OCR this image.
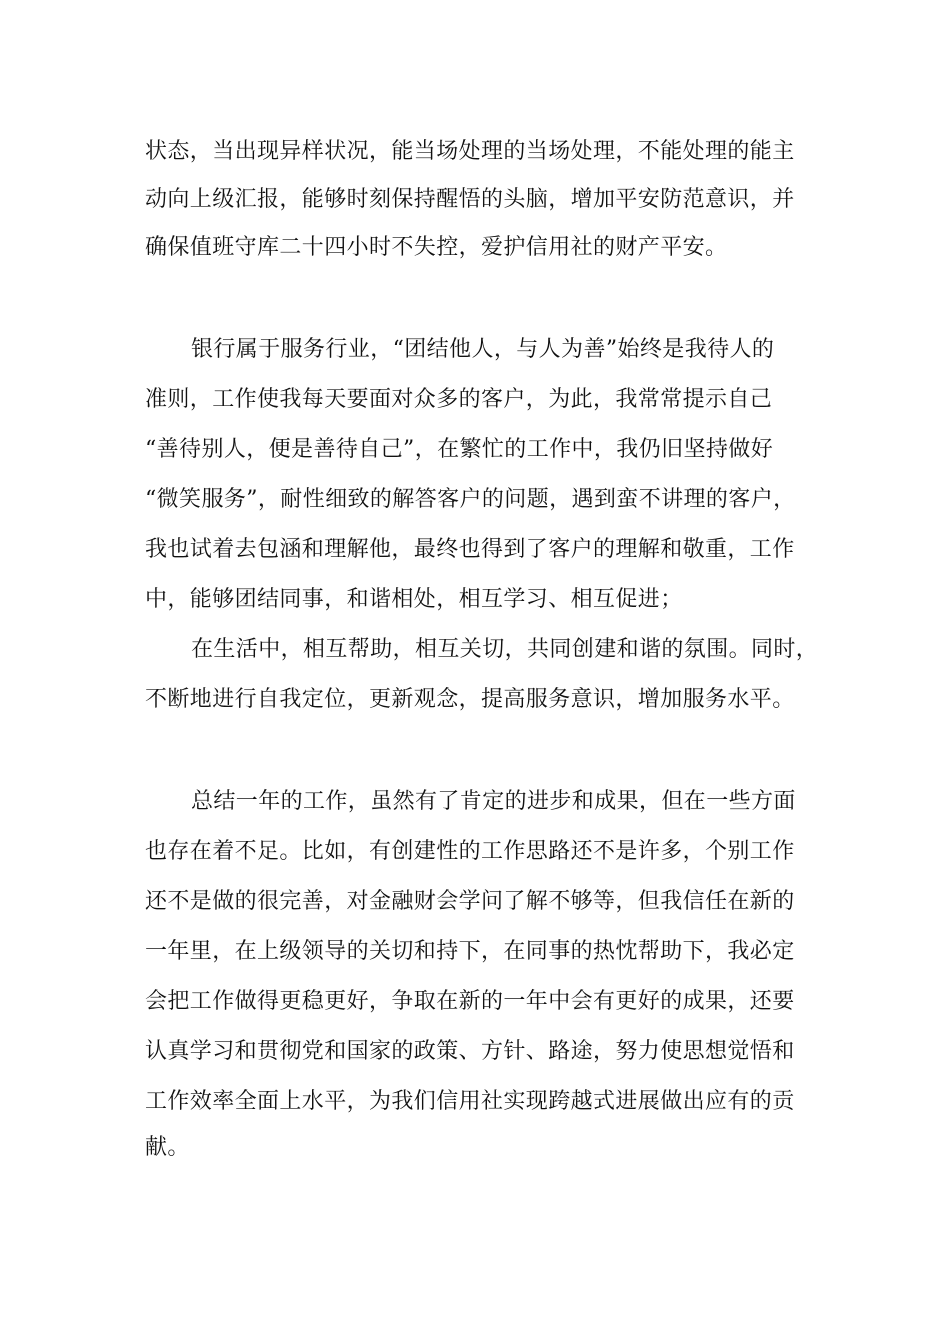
状态，当出现异样状况，能当场处理的当场处理，不能处理的能主
动向上级汇报，能够时刻保持醒悟的头脑，增加平安防范意识，并
确保值班守库二十四小时不失控，爱护信用社的财产平安。
银行属于服务行业，“团结他人，与人为善”始终是我待人的
准则，工作使我每天要面对众多的客户，为此，我常常提示自己
“善待别人，便是善待自己”，在繁忙的工作中，我仍旧坚持做好
“微笑服务”，耐性细致的解答客户的问题，遇到蛮不讲理的客户，
我也试着去包涵和理解他，最终也得到了客户的理解和敬重，工作
中，能够团结同事，和谐相处，相互学习、相互促进；
在生活中，相互帮助，相互关切，共同创建和谐的氛围。同时，
不断地进行自我定位，更新观念，提高服务意识，增加服务水平。
总结一年的工作，虽然有了肯定的进步和成果，但在一些方面
也存在着不足。比如，有创建性的工作思路还不是许多，个别工作
还不是做的很完善，对金融财会学问了解不够等，但我信任在新的
一年里，在上级领导的关切和持下，在同事的热忱帮助下，我必定
会把工作做得更稳更好，争取在新的一年中会有更好的成果，还要
认真学习和贯彻党和国家的政策、方针、路途，努力使思想觉悟和
工作效率全面上水平，为我们信用社实现跨越式进展做出应有的贡
献。
